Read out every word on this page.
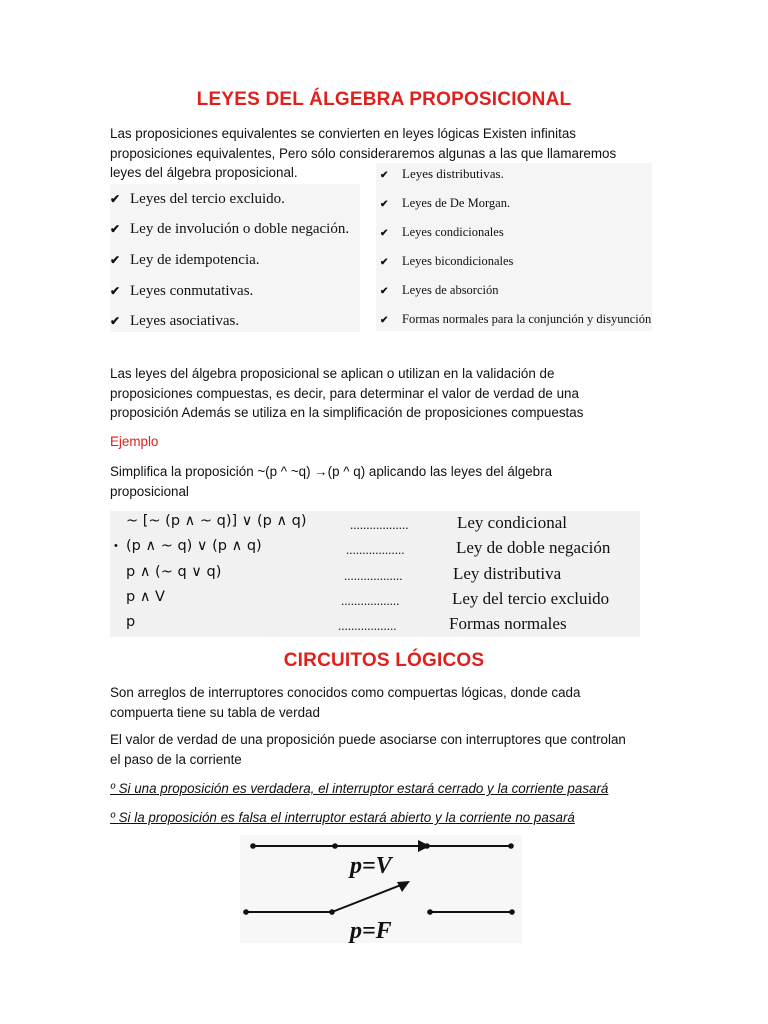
LEYES DEL ÁLGEBRA PROPOSICIONAL
Las proposiciones equivalentes se convierten en leyes lógicas Existen infinitas
proposiciones equivalentes, Pero sólo consideraremos algunas a las que llamaremos
leyes del álgebra proposicional.
✔ Leyes del tercio excluido.
✔ Ley de involución o doble negación.
✔ Ley de idempotencia.
✔ Leyes conmutativas.
✔ Leyes asociativas.
✔ Leyes distributivas.
✔ Leyes de De Morgan.
✔ Leyes condicionales
✔ Leyes bicondicionales
✔ Leyes de absorción
✔ Formas normales para la conjunción y disyunción
Las leyes del álgebra proposicional se aplican o utilizan en la validación de
proposiciones compuestas, es decir, para determinar el valor de verdad de una
proposición Además se utiliza en la simplificación de proposiciones compuestas
Ejemplo
Simplifica la proposición ~(p ^ ~q) →(p ^ q) aplicando las leyes del álgebra
proposicional
~ [~ (p ∧ ~ q)] ∨ (p ∧ q)	..................	Ley condicional
• (p ∧ ~ q) ∨ (p ∧ q)	..................	Ley de doble negación
p ∧ (~ q ∨ q)	..................	Ley distributiva
p ∧ V	..................	Ley del tercio excluido
p	..................	Formas normales
CIRCUITOS LÓGICOS
Son arreglos de interruptores conocidos como compuertas lógicas, donde cada
compuerta tiene su tabla de verdad
El valor de verdad de una proposición puede asociarse con interruptores que controlan
el paso de la corriente
º Si una proposición es verdadera, el interruptor estará cerrado y la corriente pasará
º Si la proposición es falsa el interruptor estará abierto y la corriente no pasará
p=V
p=F
